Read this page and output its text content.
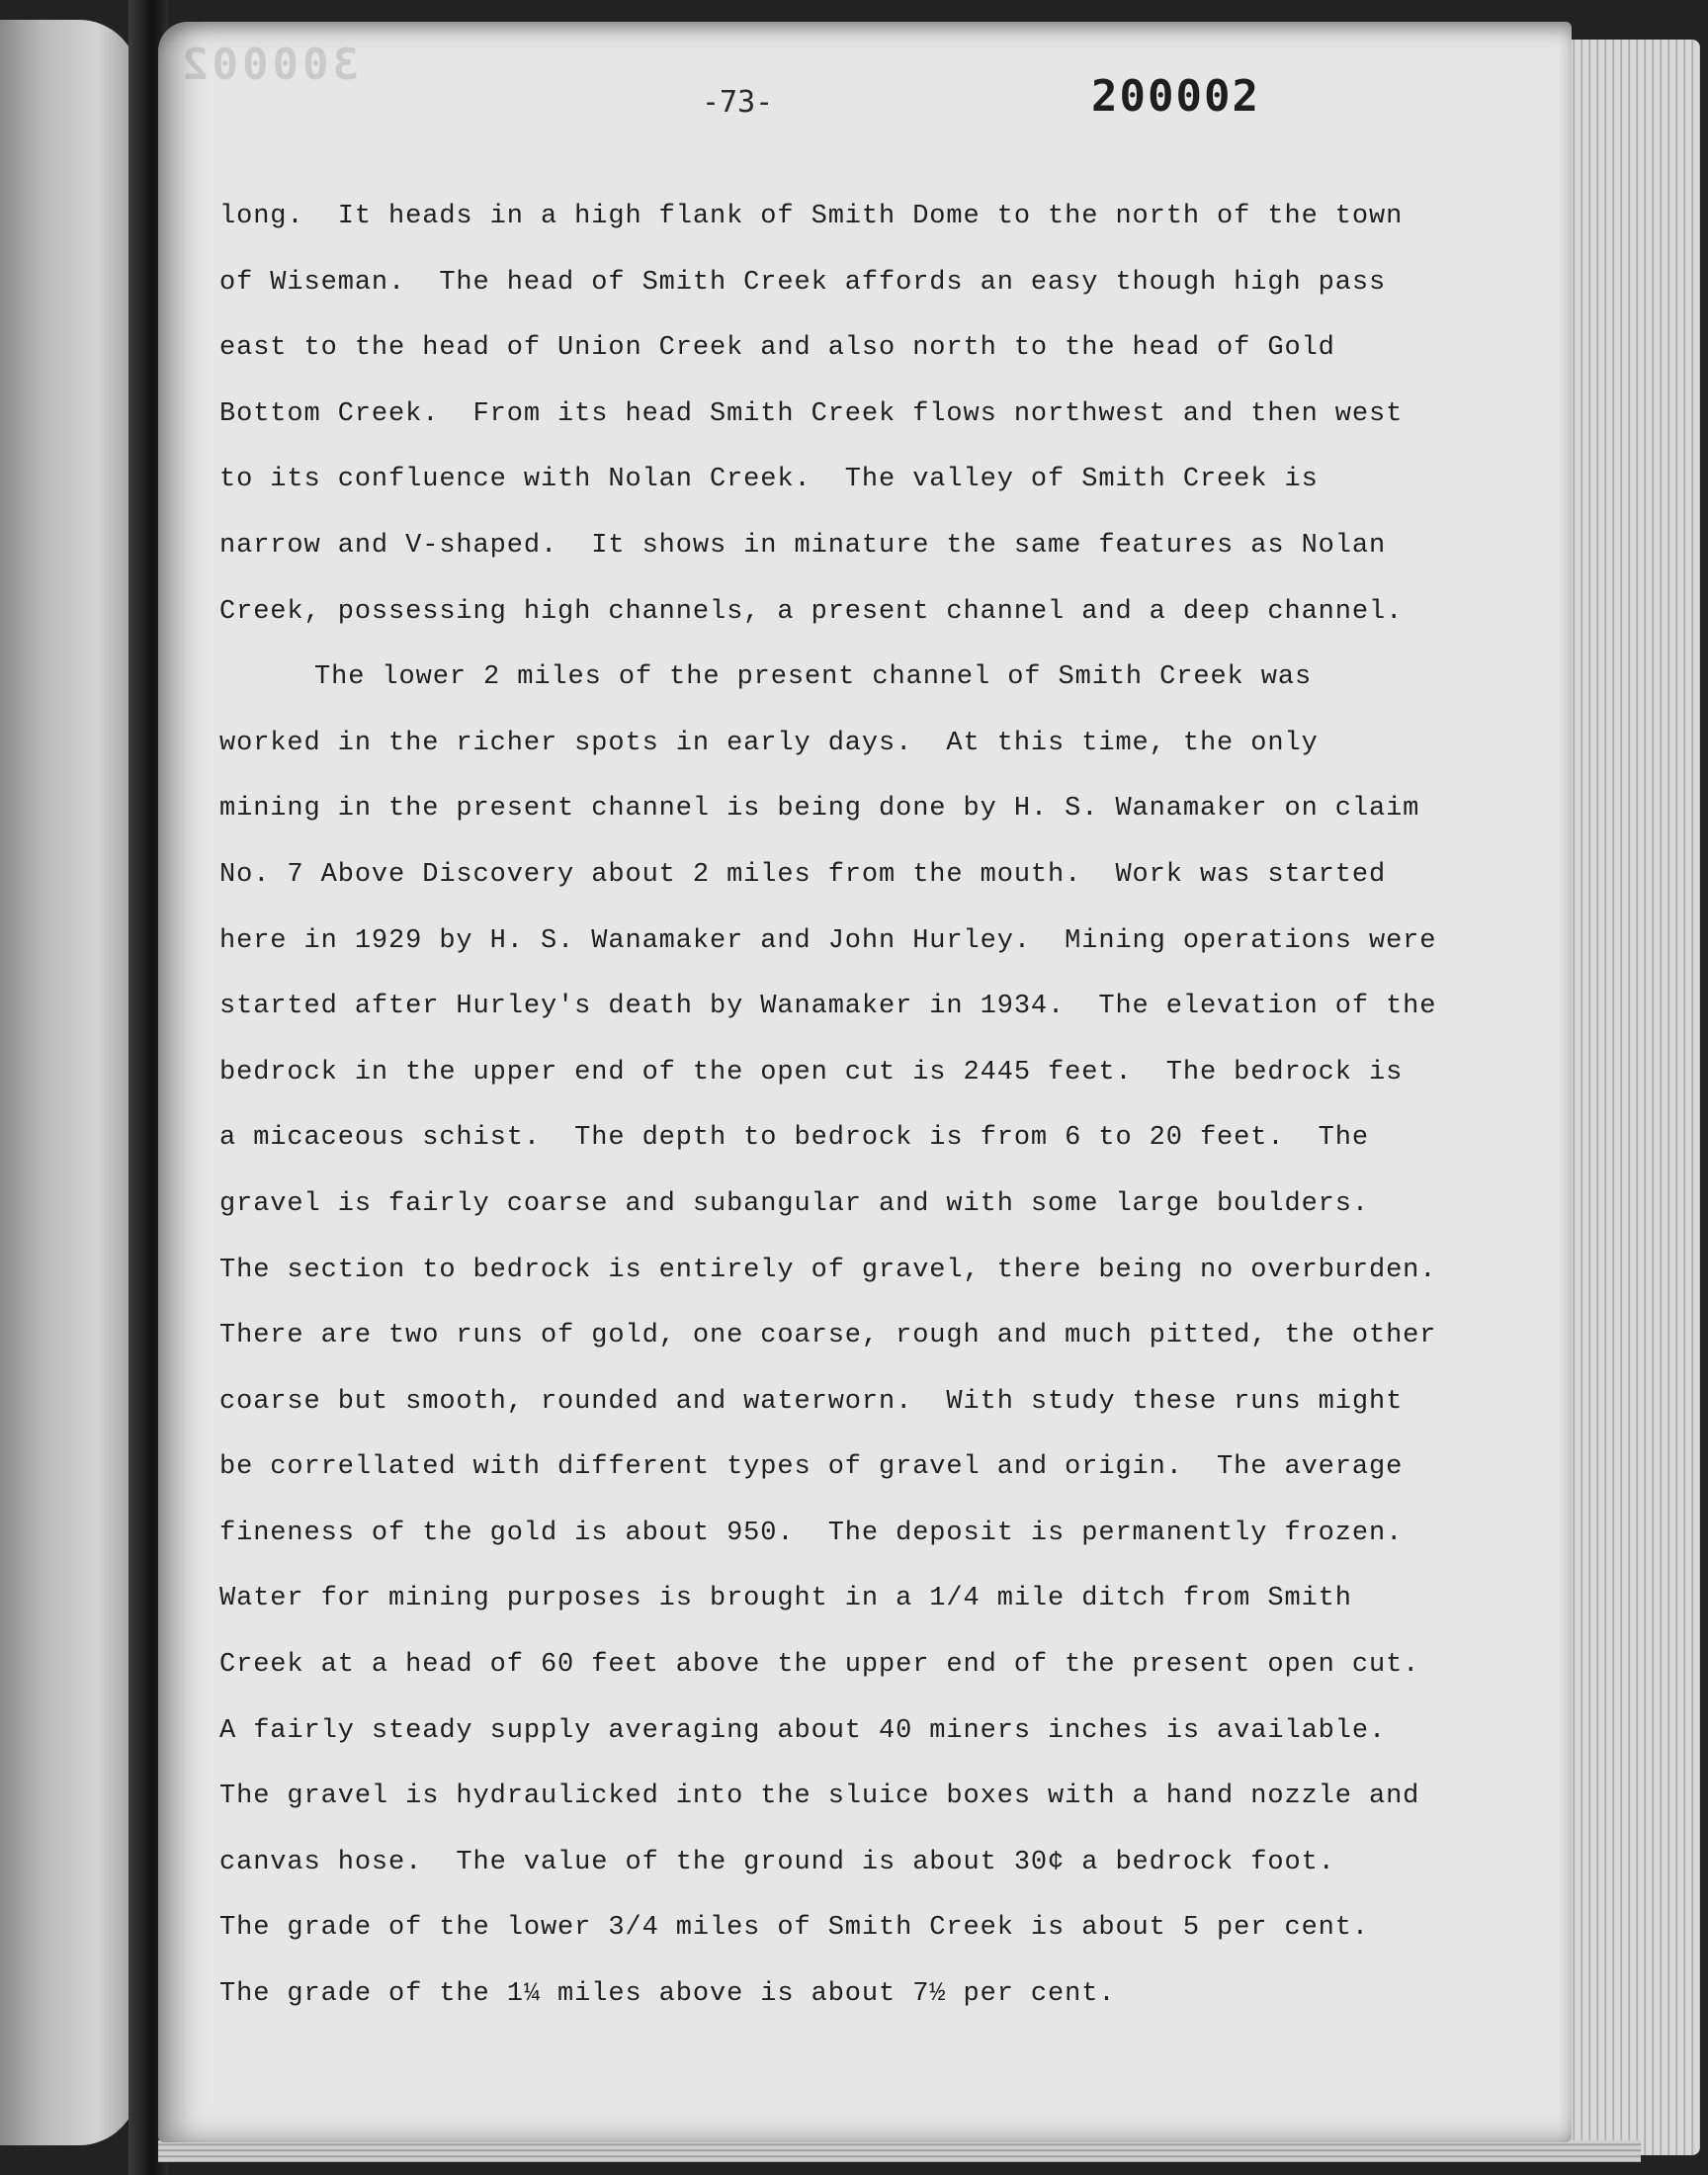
300002
-73-	200002
long.  It heads in a high flank of Smith Dome to the north of the town
of Wiseman.  The head of Smith Creek affords an easy though high pass
east to the head of Union Creek and also north to the head of Gold
Bottom Creek.  From its head Smith Creek flows northwest and then west
to its confluence with Nolan Creek.  The valley of Smith Creek is
narrow and V-shaped.  It shows in minature the same features as Nolan
Creek, possessing high channels, a present channel and a deep channel.
The lower 2 miles of the present channel of Smith Creek was
worked in the richer spots in early days.  At this time, the only
mining in the present channel is being done by H. S. Wanamaker on claim
No. 7 Above Discovery about 2 miles from the mouth.  Work was started
here in 1929 by H. S. Wanamaker and John Hurley.  Mining operations were
started after Hurley's death by Wanamaker in 1934.  The elevation of the
bedrock in the upper end of the open cut is 2445 feet.  The bedrock is
a micaceous schist.  The depth to bedrock is from 6 to 20 feet.  The
gravel is fairly coarse and subangular and with some large boulders.
The section to bedrock is entirely of gravel, there being no overburden.
There are two runs of gold, one coarse, rough and much pitted, the other
coarse but smooth, rounded and waterworn.  With study these runs might
be correllated with different types of gravel and origin.  The average
fineness of the gold is about 950.  The deposit is permanently frozen.
Water for mining purposes is brought in a 1/4 mile ditch from Smith
Creek at a head of 60 feet above the upper end of the present open cut.
A fairly steady supply averaging about 40 miners inches is available.
The gravel is hydraulicked into the sluice boxes with a hand nozzle and
canvas hose.  The value of the ground is about 30¢ a bedrock foot.
The grade of the lower 3/4 miles of Smith Creek is about 5 per cent.
The grade of the 1¼ miles above is about 7½ per cent.
